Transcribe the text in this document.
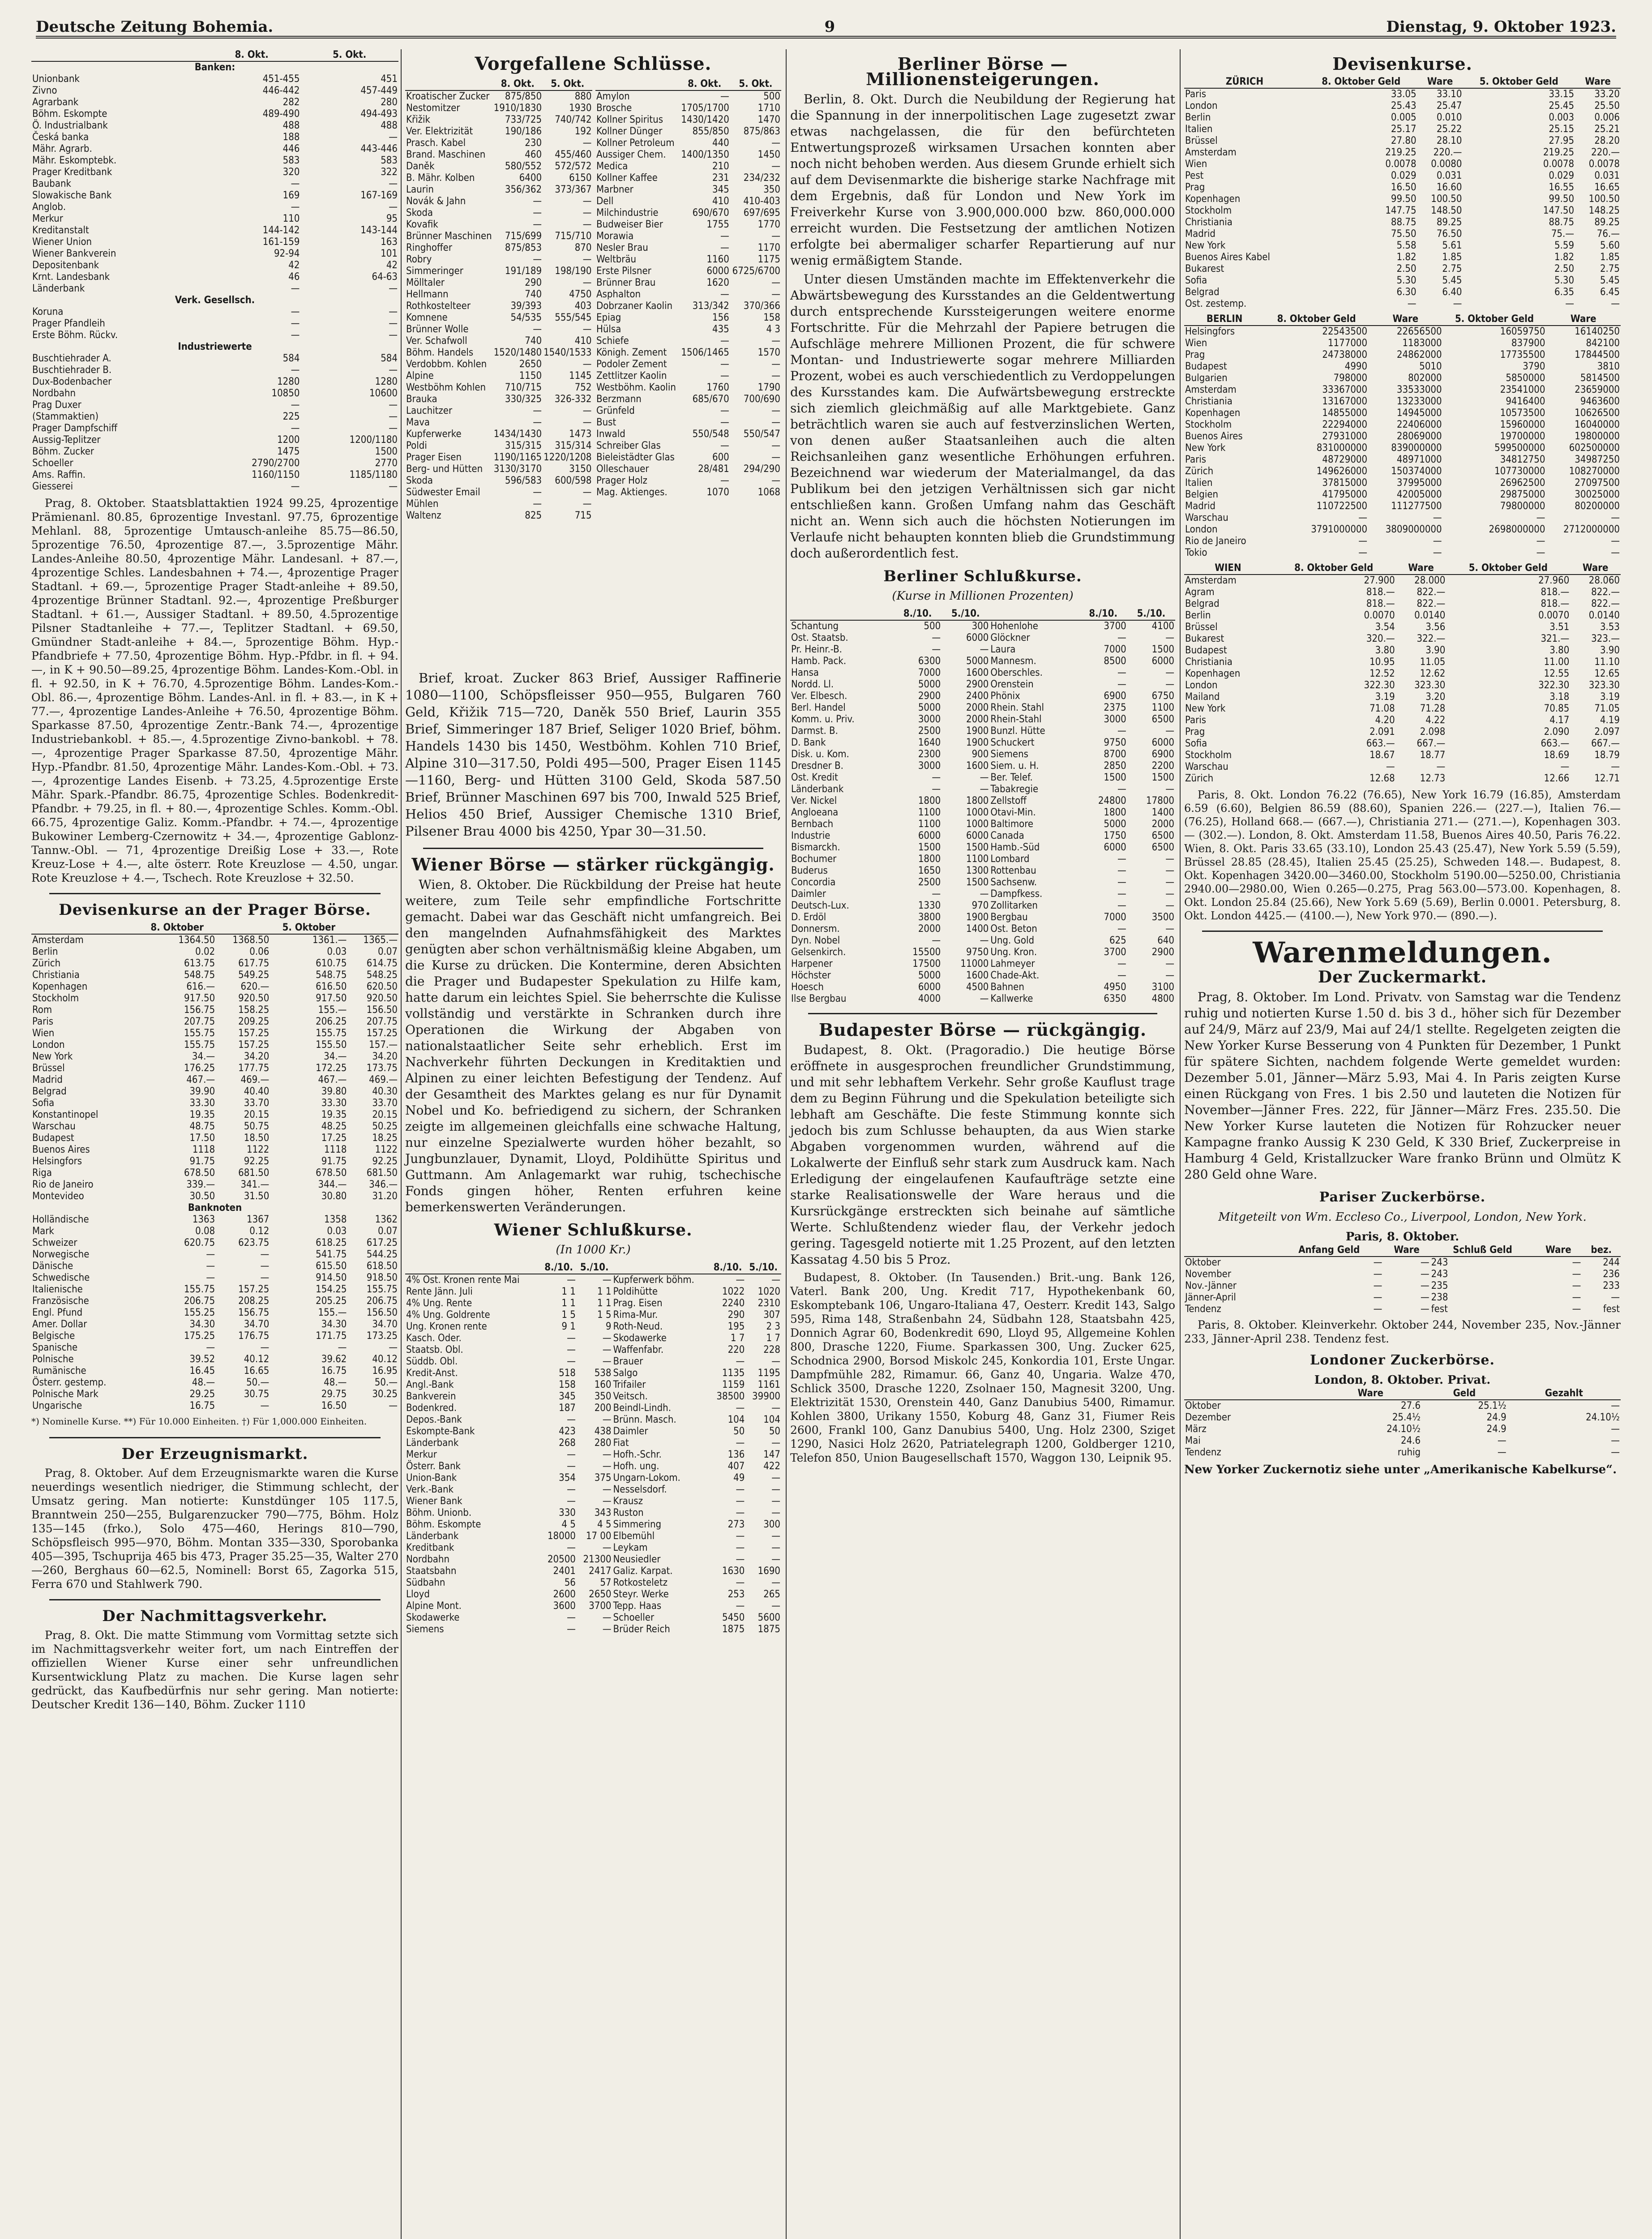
Deutsche Zeitung Bohemia.	9	Dienstag, 9. Oktober 1923.
	8. Okt.	5. Okt.
Banken:		
Unionbank	451-455	451
Zivno	446-442	457-449
Agrarbank	282	280
Böhm. Eskompte	489-490	494-493
Ö. Industrialbank	488	488
Česká banka	188	—
Mähr. Agrarb.	446	443-446
Mähr. Eskomptebk.	583	583
Prager Kreditbank	320	322
Baubank	—	—
Slowakische Bank	169	167-169
Anglob.	—	—
Merkur	110	95
Kreditanstalt	144-142	143-144
Wiener Union	161-159	163
Wiener Bankverein	92-94	101
Depositenbank	42	42
Krnt. Landesbank	46	64-63
Länderbank	—	—
Verk. Gesellsch.		
Koruna	—	—
Prager Pfandleih	—	—
Erste Böhm. Rückv.	—	—
Industriewerte		
Buschtiehrader A.	584	584
Buschtiehrader B.	—	—
Dux-Bodenbacher	1280	1280
Nordbahn	10850	10600
Prag Duxer	—	—
(Stammaktien)	225	—
Prager Dampfschiff	—	—
Aussig-Teplitzer	1200	1200/1180
Böhm. Zucker	1475	1500
Schoeller	2790/2700	2770
Ams. Raffin.	1160/1150	1185/1180
Giesserei	—	—
Prag, 8. Oktober. Staatsblattaktien 1924 99.25, 4prozentige Prämienanl. 80.85, 6prozentige Investanl. 97.75, 6prozentige Mehlanl. 88, 5prozentige Umtausch-anleihe 85.75—86.50, 5prozentige 76.50, 4prozentige 87.—, 3.5prozentige Mähr. Landes-Anleihe 80.50, 4prozentige Mähr. Landesanl. + 87.—, 4prozentige Schles. Landesbahnen + 74.—, 4prozentige Prager Stadtanl. + 69.—, 5prozentige Prager Stadt-anleihe + 89.50, 4prozentige Brünner Stadtanl. 92.—, 4prozentige Preßburger Stadtanl. + 61.—, Aussiger Stadtanl. + 89.50, 4.5prozentige Pilsner Stadtanleihe + 77.—, Teplitzer Stadtanl. + 69.50, Gmündner Stadt-anleihe + 84.—, 5prozentige Böhm. Hyp.-Pfandbriefe + 77.50, 4prozentige Böhm. Hyp.-Pfdbr. in fl. + 94.—, in K + 90.50—89.25, 4prozentige Böhm. Landes-Kom.-Obl. in fl. + 92.50, in K + 76.70, 4.5prozentige Böhm. Landes-Kom.-Obl. 86.—, 4prozentige Böhm. Landes-Anl. in fl. + 83.—, in K + 77.—, 4prozentige Landes-Anleihe + 76.50, 4prozentige Böhm. Sparkasse 87.50, 4prozentige Zentr.-Bank 74.—, 4prozentige Industriebankobl. + 85.—, 4.5prozentige Zivno-bankobl. + 78.—, 4prozentige Prager Sparkasse 87.50, 4prozentige Mähr. Hyp.-Pfandbr. 81.50, 4prozentige Mähr. Landes-Kom.-Obl. + 73.—, 4prozentige Landes Eisenb. + 73.25, 4.5prozentige Erste Mähr. Spark.-Pfandbr. 86.75, 4prozentige Schles. Bodenkredit-Pfandbr. + 79.25, in fl. + 80.—, 4prozentige Schles. Komm.-Obl. 66.75, 4prozentige Galiz. Komm.-Pfandbr. + 74.—, 4prozentige Bukowiner Lemberg-Czernowitz + 34.—, 4prozentige Gablonz-Tannw.-Obl. — 71, 4prozentige Dreißig Lose + 33.—, Rote Kreuz-Lose + 4.—, alte österr. Rote Kreuzlose — 4.50, ungar. Rote Kreuzlose + 4.—, Tschech. Rote Kreuzlose + 32.50.
Devisenkurse an der Prager Börse.
	8. Oktober		5. Oktober	
Amsterdam	1364.50	1368.50	1361.—	1365.—
Berlin	0.02	0.06	0.03	0.07
Zürich	613.75	617.75	610.75	614.75
Christiania	548.75	549.25	548.75	548.25
Kopenhagen	616.—	620.—	616.50	620.50
Stockholm	917.50	920.50	917.50	920.50
Rom	156.75	158.25	155.—	156.50
Paris	207.75	209.25	206.25	207.75
Wien	155.75	157.25	155.75	157.25
London	155.75	157.25	155.50	157.—
New York	34.—	34.20	34.—	34.20
Brüssel	176.25	177.75	172.25	173.75
Madrid	467.—	469.—	467.—	469.—
Belgrad	39.90	40.40	39.80	40.30
Sofia	33.30	33.70	33.30	33.70
Konstantinopel	19.35	20.15	19.35	20.15
Warschau	48.75	50.75	48.25	50.25
Budapest	17.50	18.50	17.25	18.25
Buenos Aires	1118	1122	1118	1122
Helsingfors	91.75	92.25	91.75	92.25
Riga	678.50	681.50	678.50	681.50
Rio de Janeiro	339.—	341.—	344.—	346.—
Montevideo	30.50	31.50	30.80	31.20
Banknoten				
Holländische	1363	1367	1358	1362
Mark	0.08	0.12	0.03	0.07
Schweizer	620.75	623.75	618.25	617.25
Norwegische	—	—	541.75	544.25
Dänische	—	—	615.50	618.50
Schwedische	—	—	914.50	918.50
Italienische	155.75	157.25	154.25	155.75
Französische	206.75	208.25	205.25	206.75
Engl. Pfund	155.25	156.75	155.—	156.50
Amer. Dollar	34.30	34.70	34.30	34.70
Belgische	175.25	176.75	171.75	173.25
Spanische	—	—	—	—
Polnische	39.52	40.12	39.62	40.12
Rumänische	16.45	16.65	16.75	16.95
Österr. gestemp.	48.—	50.—	48.—	50.—
Polnische Mark	29.25	30.75	29.75	30.25
Ungarische	16.75	—	16.50	—
*) Nominelle Kurse. **) Für 10.000 Einheiten. †) Für 1,000.000 Einheiten.
Der Erzeugnismarkt.
Prag, 8. Oktober. Auf dem Erzeugnismarkte waren die Kurse neuerdings wesentlich niedriger, die Stimmung schlecht, der Umsatz gering. Man notierte: Kunstdünger 105 117.5, Branntwein 250—255, Bulgarenzucker 790—775, Böhm. Holz 135—145 (frko.), Solo 475—460, Herings 810—790, Schöpsfleisch 995—970, Böhm. Montan 335—330, Sporobanka 405—395, Tschuprija 465 bis 473, Prager 35.25—35, Walter 270—260, Berghaus 60—62.5, Nominell: Borst 65, Zagorka 515, Ferra 670 und Stahlwerk 790.
Der Nachmittagsverkehr.
Prag, 8. Okt. Die matte Stimmung vom Vormittag setzte sich im Nachmittagsverkehr weiter fort, um nach Eintreffen der offiziellen Wiener Kurse einer sehr unfreundlichen Kursentwicklung Platz zu machen. Die Kurse lagen sehr gedrückt, das Kaufbedürfnis nur sehr gering. Man notierte: Deutscher Kredit 136—140, Böhm. Zucker 1110
Vorgefallene Schlüsse.
	8. Okt.	5. Okt.
Kroatischer Zucker	875/850	880
Nestomitzer	1910/1830	1930
Křižik	733/725	740/742
Ver. Elektrizität	190/186	192
Prasch. Kabel	230	—
Brand. Maschinen	460	455/460
Daněk	580/552	572/572
B. Mähr. Kolben	6400	6150
Laurin	356/362	373/367
Novák & Jahn	—	—
Skoda	—	—
Kovafik	—	—
Brünner Maschinen	715/699	715/710
Ringhoffer	875/853	870
Robry	—	—
Simmeringer	191/189	198/190
Mölltaler	290	—
Hellmann	740	4750
Rothkostelteer	39/393	403
Komnene	54/535	555/545
Brünner Wolle	—	—
Ver. Schafwoll	740	410
Böhm. Handels	1520/1480	1540/1533
Verdobbm. Kohlen	2650	—
Alpine	1150	1145
Westböhm Kohlen	710/715	752
Brauka	330/325	326-332
Lauchitzer	—	—
Mava	—	—
Kupferwerke	1434/1430	1473
Poldi	315/315	315/314
Prager Eisen	1190/1165	1220/1208
Berg- und Hütten	3130/3170	3150
Skoda	596/583	600/598
Südwester Email	—	—
Mühlen	—	—
Waltenz	825	715
	8. Okt.	5. Okt.
Amylon	—	500
Brosche	1705/1700	1710
Kollner Spiritus	1430/1420	1470
Kollner Dünger	855/850	875/863
Kollner Petroleum	440	—
Aussiger Chem.	1400/1350	1450
Medica	210	—
Kollner Kaffee	231	234/232
Marbner	345	350
Dell	410	410-403
Milchindustrie	690/670	697/695
Budweiser Bier	1755	1770
Morawia	—	—
Nesler Brau	—	1170
Weltbräu	1160	1175
Erste Pilsner	6000	6725/6700
Brünner Brau	1620	—
Asphalton	—	—
Dobrzaner Kaolin	313/342	370/366
Epiag	156	158
Hülsa	435	4 3
Schiefe	—	—
Königh. Zement	1506/1465	1570
Podoler Zement	—	—
Zettlitzer Kaolin	—	—
Westböhm. Kaolin	1760	1790
Berzmann	685/670	700/690
Grünfeld	—	—
Bust	—	—
Inwald	550/548	550/547
Schreiber Glas	—	—
Bieleistädter Glas	600	—
Olleschauer	28/481	294/290
Prager Holz	—	—
Mag. Aktienges.	1070	1068
Brief, kroat. Zucker 863 Brief, Aussiger Raffinerie 1080—1100, Schöpsfleisser 950—955, Bulgaren 760 Geld, Křižik 715—720, Daněk 550 Brief, Laurin 355 Brief, Simmeringer 187 Brief, Seliger 1020 Brief, böhm. Handels 1430 bis 1450, Westböhm. Kohlen 710 Brief, Alpine 310—317.50, Poldi 495—500, Prager Eisen 1145—1160, Berg- und Hütten 3100 Geld, Skoda 587.50 Brief, Brünner Maschinen 697 bis 700, Inwald 525 Brief, Helios 450 Brief, Aussiger Chemische 1310 Brief, Pilsener Brau 4000 bis 4250, Ypar 30—31.50.
Wiener Börse — stärker rückgängig.
Wien, 8. Oktober. Die Rückbildung der Preise hat heute weitere, zum Teile sehr empfindliche Fortschritte gemacht. Dabei war das Geschäft nicht umfangreich. Bei den mangelnden Aufnahmsfähigkeit des Marktes genügten aber schon verhältnismäßig kleine Abgaben, um die Kurse zu drücken. Die Kontermine, deren Absichten die Prager und Budapester Spekulation zu Hilfe kam, hatte darum ein leichtes Spiel. Sie beherrschte die Kulisse vollständig und verstärkte in Schranken durch ihre Operationen die Wirkung der Abgaben von nationalstaatlicher Seite sehr erheblich. Erst im Nachverkehr führten Deckungen in Kreditaktien und Alpinen zu einer leichten Befestigung der Tendenz. Auf der Gesamtheit des Marktes gelang es nur für Dynamit Nobel und Ko. befriedigend zu sichern, der Schranken zeigte im allgemeinen gleichfalls eine schwache Haltung, nur einzelne Spezialwerte wurden höher bezahlt, so Jungbunzlauer, Dynamit, Lloyd, Poldihütte Spiritus und Guttmann. Am Anlagemarkt war ruhig, tschechische Fonds gingen höher, Renten erfuhren keine bemerkenswerten Veränderungen.
Wiener Schlußkurse.
(In 1000 Kr.)
	8./10.	5./10.		8./10.	5./10.
4% Ost. Kronen rente Mai	—	—	Kupferwerk böhm.	—	—
Rente Jänn. Juli	1 1	1 1	Poldihütte	1022	1020
4% Ung. Rente	1 1	1 1	Prag. Eisen	2240	2310
4% Ung. Goldrente	1 5	1 5	Rima-Mur.	290	307
Ung. Kronen rente	9 1	9	Roth-Neud.	195	2 3
Kasch. Oder.	—	—	Skodawerke	1 7	1 7
Staatsb. Obl.	—	—	Waffenfabr.	220	228
Süddb. Obl.	—	—	Brauer	—	—
Kredit-Anst.	518	538	Salgo	1135	1195
Angl.-Bank	158	160	Trifailer	1159	1161
Bankverein	345	350	Veitsch.	38500	39900
Bodenkred.	187	200	Beindl-Lindh.	—	—
Depos.-Bank	—	—	Brünn. Masch.	104	104
Eskompte-Bank	423	438	Daimler	50	50
Länderbank	268	280	Fiat	—	—
Merkur	—	—	Hofh.-Schr.	136	147
Österr. Bank	—	—	Hofh. ung.	407	422
Union-Bank	354	375	Ungarn-Lokom.	49	—
Verk.-Bank	—	—	Nesselsdorf.	—	—
Wiener Bank	—	—	Krausz	—	—
Böhm. Unionb.	330	343	Ruston	—	—
Böhm. Eskompte	4 5	4 5	Simmering	273	300
Länderbank	18000	17 00	Elbemühl	—	—
Kreditbank	—	—	Leykam	—	—
Nordbahn	20500	21300	Neusiedler	—	—
Staatsbahn	2401	2417	Galiz. Karpat.	1630	1690
Südbahn	56	57	Rotkosteletz	—	—
Lloyd	2600	2650	Steyr. Werke	253	265
Alpine Mont.	3600	3700	Tepp. Haas	—	—
Skodawerke	—	—	Schoeller	5450	5600
Siemens	—	—	Brüder Reich	1875	1875
Berliner Börse — Millionensteigerungen.
Berlin, 8. Okt. Durch die Neubildung der Regierung hat die Spannung in der innerpolitischen Lage zugesetzt zwar etwas nachgelassen, die für den befürchteten Entwertungsprozeß wirksamen Ursachen konnten aber noch nicht behoben werden. Aus diesem Grunde erhielt sich auf dem Devisenmarkte die bisherige starke Nachfrage mit dem Ergebnis, daß für London und New York im Freiverkehr Kurse von 3.900,000.000 bzw. 860,000.000 erreicht wurden. Die Festsetzung der amtlichen Notizen erfolgte bei abermaliger scharfer Repartierung auf nur wenig ermäßigtem Stande.
Unter diesen Umständen machte im Effektenverkehr die Abwärtsbewegung des Kursstandes an die Geldentwertung durch entsprechende Kurssteigerungen weitere enorme Fortschritte. Für die Mehrzahl der Papiere betrugen die Aufschläge mehrere Millionen Prozent, die für schwere Montan- und Industriewerte sogar mehrere Milliarden Prozent, wobei es auch verschiedentlich zu Verdoppelungen des Kursstandes kam. Die Aufwärtsbewegung erstreckte sich ziemlich gleichmäßig auf alle Marktgebiete. Ganz beträchtlich waren sie auch auf festverzinslichen Werten, von denen außer Staatsanleihen auch die alten Reichsanleihen ganz wesentliche Erhöhungen erfuhren. Bezeichnend war wiederum der Materialmangel, da das Publikum bei den jetzigen Verhältnissen sich gar nicht entschließen kann. Großen Umfang nahm das Geschäft nicht an. Wenn sich auch die höchsten Notierungen im Verlaufe nicht behaupten konnten blieb die Grundstimmung doch außerordentlich fest.
Berliner Schlußkurse.
(Kurse in Millionen Prozenten)
	8./10.	5./10.		8./10.	5./10.
Schantung	500	300	Hohenlohe	3700	4100
Ost. Staatsb.	—	6000	Glöckner	—	—
Pr. Heinr.-B.	—	—	Laura	7000	1500
Hamb. Pack.	6300	5000	Mannesm.	8500	6000
Hansa	7000	1600	Oberschles.	—	—
Nordd. Ll.	5000	2900	Orenstein	—	—
Ver. Elbesch.	2900	2400	Phönix	6900	6750
Berl. Handel	5000	2000	Rhein. Stahl	2375	1100
Komm. u. Priv.	3000	2000	Rhein-Stahl	3000	6500
Darmst. B.	2500	1900	Bunzl. Hütte	—	—
D. Bank	1640	1900	Schuckert	9750	6000
Disk. u. Kom.	2300	900	Siemens	8700	6900
Dresdner B.	3000	1600	Siem. u. H.	2850	2200
Ost. Kredit	—	—	Ber. Telef.	1500	1500
Länderbank	—	—	Tabakregie	—	—
Ver. Nickel	1800	1800	Zellstoff	24800	17800
Angloeana	1100	1000	Otavi-Min.	1800	1400
Bernbach	1100	1000	Baltimore	5000	2000
Industrie	6000	6000	Canada	1750	6500
Bismarckh.	1500	1500	Hamb.-Süd	6000	6500
Bochumer	1800	1100	Lombard	—	—
Buderus	1650	1300	Rottenbau	—	—
Concordia	2500	1500	Sachsenw.	—	—
Daimler	—	—	Dampfkess.	—	—
Deutsch-Lux.	1330	970	Zollitarken	—	—
D. Erdöl	3800	1900	Bergbau	7000	3500
Donnersm.	2000	1400	Ost. Beton	—	—
Dyn. Nobel	—	—	Ung. Gold	625	640
Gelsenkirch.	15500	9750	Ung. Kron.	3700	2900
Harpener	17500	11000	Lahmeyer	—	—
Höchster	5000	1600	Chade-Akt.	—	—
Hoesch	6000	4500	Bahnen	4950	3100
Ilse Bergbau	4000	—	Kallwerke	6350	4800
Budapester Börse — rückgängig.
Budapest, 8. Okt. (Pragoradio.) Die heutige Börse eröffnete in ausgesprochen freundlicher Grundstimmung, und mit sehr lebhaftem Verkehr. Sehr große Kauflust trage dem zu Beginn Führung und die Spekulation beteiligte sich lebhaft am Geschäfte. Die feste Stimmung konnte sich jedoch bis zum Schlusse behaupten, da aus Wien starke Abgaben vorgenommen wurden, während auf die Lokalwerte der Einfluß sehr stark zum Ausdruck kam. Nach Erledigung der eingelaufenen Kaufaufträge setzte eine starke Realisationswelle der Ware heraus und die Kursrückgänge erstreckten sich beinahe auf sämtliche Werte. Schlußtendenz wieder flau, der Verkehr jedoch gering. Tagesgeld notierte mit 1.25 Prozent, auf den letzten Kassatag 4.50 bis 5 Proz.
Budapest, 8. Oktober. (In Tausenden.) Brit.-ung. Bank 126, Vaterl. Bank 200, Ung. Kredit 717, Hypothekenbank 60, Eskomptebank 106, Ungaro-Italiana 47, Oesterr. Kredit 143, Salgo 595, Rima 148, Straßenbahn 24, Südbahn 128, Staatsbahn 425, Donnich Agrar 60, Bodenkredit 690, Lloyd 95, Allgemeine Kohlen 800, Drasche 1220, Fiume. Sparkassen 300, Ung. Zucker 625, Schodnica 2900, Borsod Miskolc 245, Konkordia 101, Erste Ungar. Dampfmühle 282, Rimamur. 66, Ganz 40, Ungaria. Walze 470, Schlick 3500, Drasche 1220, Zsolnaer 150, Magnesit 3200, Ung. Elektrizität 1530, Orenstein 440, Ganz Danubius 5400, Rimamur. Kohlen 3800, Urikany 1550, Koburg 48, Ganz 31, Fiumer Reis 2600, Frankl 100, Ganz Danubius 5400, Ung. Holz 2300, Sziget 1290, Nasici Holz 2620, Patriatelegraph 1200, Goldberger 1210, Telefon 850, Union Baugesellschaft 1570, Waggon 130, Leipnik 95.
Devisenkurse.
ZÜRICH	8. Oktober Geld	Ware	5. Oktober Geld	Ware
Paris	33.05	33.10	33.15	33.20
London	25.43	25.47	25.45	25.50
Berlin	0.005	0.010	0.003	0.006
Italien	25.17	25.22	25.15	25.21
Brüssel	27.80	28.10	27.95	28.20
Amsterdam	219.25	220.—	219.25	220.—
Wien	0.0078	0.0080	0.0078	0.0078
Pest	0.029	0.031	0.029	0.031
Prag	16.50	16.60	16.55	16.65
Kopenhagen	99.50	100.50	99.50	100.50
Stockholm	147.75	148.50	147.50	148.25
Christiania	88.75	89.25	88.75	89.25
Madrid	75.50	76.50	75.—	76.—
New York	5.58	5.61	5.59	5.60
Buenos Aires Kabel	1.82	1.85	1.82	1.85
Bukarest	2.50	2.75	2.50	2.75
Sofia	5.30	5.45	5.30	5.45
Belgrad	6.30	6.40	6.35	6.45
Ost. zestemp.	—	—	—	—
BERLIN	8. Oktober Geld	Ware	5. Oktober Geld	Ware
Helsingfors	22543500	22656500	16059750	16140250
Wien	1177000	1183000	837900	842100
Prag	24738000	24862000	17735500	17844500
Budapest	4990	5010	3790	3810
Bulgarien	798000	802000	5850000	5814500
Amsterdam	33367000	33533000	23541000	23659000
Christiania	13167000	13233000	9416400	9463600
Kopenhagen	14855000	14945000	10573500	10626500
Stockholm	22294000	22406000	15960000	16040000
Buenos Aires	27931000	28069000	19700000	19800000
New York	831000000	839000000	599500000	602500000
Paris	48729000	48971000	34812750	34987250
Zürich	149626000	150374000	107730000	108270000
Italien	37815000	37995000	26962500	27097500
Belgien	41795000	42005000	29875000	30025000
Madrid	110722500	111277500	79800000	80200000
Warschau	—	—	—	—
London	3791000000	3809000000	2698000000	2712000000
Rio de Janeiro	—	—	—	—
Tokio	—	—	—	—
WIEN	8. Oktober Geld	Ware	5. Oktober Geld	Ware
Amsterdam	27.900	28.000	27.960	28.060
Agram	818.—	822.—	818.—	822.—
Belgrad	818.—	822.—	818.—	822.—
Berlin	0.0070	0.0140	0.0070	0.0140
Brüssel	3.54	3.56	3.51	3.53
Bukarest	320.—	322.—	321.—	323.—
Budapest	3.80	3.90	3.80	3.90
Christiania	10.95	11.05	11.00	11.10
Kopenhagen	12.52	12.62	12.55	12.65
London	322.30	323.30	322.30	323.30
Mailand	3.19	3.20	3.18	3.19
New York	71.08	71.28	70.85	71.05
Paris	4.20	4.22	4.17	4.19
Prag	2.091	2.098	2.090	2.097
Sofia	663.—	667.—	663.—	667.—
Stockholm	18.67	18.77	18.69	18.79
Warschau	—	—	—	—
Zürich	12.68	12.73	12.66	12.71
Paris, 8. Okt. London 76.22 (76.65), New York 16.79 (16.85), Amsterdam 6.59 (6.60), Belgien 86.59 (88.60), Spanien 226.— (227.—), Italien 76.— (76.25), Holland 668.— (667.—), Christiania 271.— (271.—), Kopenhagen 303.— (302.—). London, 8. Okt. Amsterdam 11.58, Buenos Aires 40.50, Paris 76.22. Wien, 8. Okt. Paris 33.65 (33.10), London 25.43 (25.47), New York 5.59 (5.59), Brüssel 28.85 (28.45), Italien 25.45 (25.25), Schweden 148.—. Budapest, 8. Okt. Kopenhagen 3420.00—3460.00, Stockholm 5190.00—5250.00, Christiania 2940.00—2980.00, Wien 0.265—0.275, Prag 563.00—573.00. Kopenhagen, 8. Okt. London 25.84 (25.66), New York 5.69 (5.69), Berlin 0.0001. Petersburg, 8. Okt. London 4425.— (4100.—), New York 970.— (890.—).
Warenmeldungen.
Der Zuckermarkt.
Prag, 8. Oktober. Im Lond. Privatv. von Samstag war die Tendenz ruhig und notierten Kurse 1.50 d. bis 3 d., höher sich für Dezember auf 24/9, März auf 23/9, Mai auf 24/1 stellte. Regelgeten zeigten die New Yorker Kurse Besserung von 4 Punkten für Dezember, 1 Punkt für spätere Sichten, nachdem folgende Werte gemeldet wurden: Dezember 5.01, Jänner—März 5.93, Mai 4. In Paris zeigten Kurse einen Rückgang von Fres. 1 bis 2.50 und lauteten die Notizen für November—Jänner Fres. 222, für Jänner—März Fres. 235.50. Die New Yorker Kurse lauteten die Notizen für Rohzucker neuer Kampagne franko Aussig K 230 Geld, K 330 Brief, Zuckerpreise in Hamburg 4 Geld, Kristallzucker Ware franko Brünn und Olmütz K 280 Geld ohne Ware.
Pariser Zuckerbörse.
Mitgeteilt von Wm. Eccleso Co., Liverpool, London, New York.
Paris, 8. Oktober.
	Anfang Geld	Ware	Schluß Geld	Ware	bez.
Oktober	—	—	243	—	244
November	—	—	243	—	236
Nov.-Jänner	—	—	235	—	233
Jänner-April	—	—	238	—	—
Tendenz	—	—	fest	—	fest
Paris, 8. Oktober. Kleinverkehr. Oktober 244, November 235, Nov.-Jänner 233, Jänner-April 238. Tendenz fest.
Londoner Zuckerbörse.
London, 8. Oktober. Privat.
	Ware	Geld	Gezahlt
Oktober	27.6	25.1½	—
Dezember	25.4½	24.9	24.10½
März	24.10½	24.9	—
Mai	24.6	—	—
Tendenz	ruhig	—	—
New Yorker Zuckernotiz siehe unter „Amerikanische Kabelkurse“.
